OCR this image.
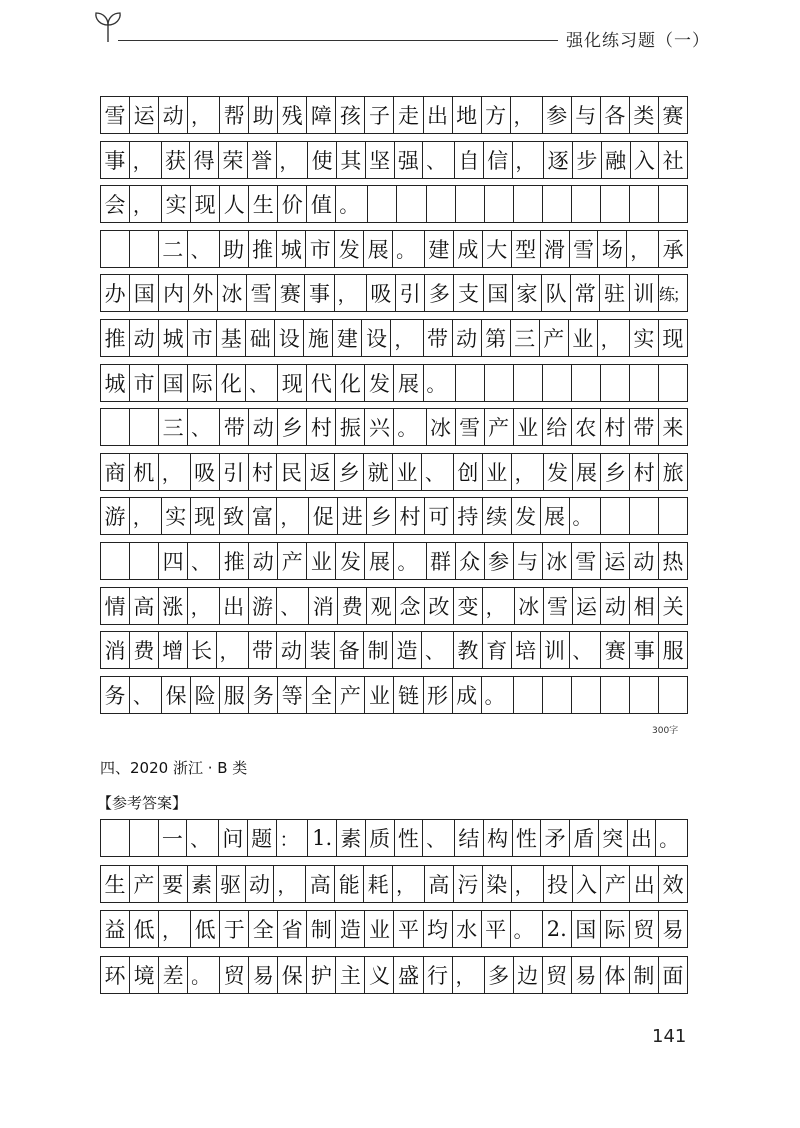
强化练习题（一）
雪 运 动 ， 帮 助 残 障 孩 子 走 出 地 方 ， 参 与 各 类 赛
事 ， 获 得 荣 誉 ， 使 其 坚 强 、 自 信 ， 逐 步 融 入 社
会 ， 实 现 人 生 价 值 。
二 、 助 推 城 市 发 展 。 建 成 大 型 滑 雪 场 ， 承
办 国 内 外 冰 雪 赛 事 ， 吸 引 多 支 国 家 队 常 驻 训 练；
推 动 城 市 基 础 设 施 建 设 ， 带 动 第 三 产 业 ， 实 现
城 市 国 际 化 、 现 代 化 发 展 。
三 、 带 动 乡 村 振 兴 。 冰 雪 产 业 给 农 村 带 来
商 机 ， 吸 引 村 民 返 乡 就 业 、 创 业 ， 发 展 乡 村 旅
游 ， 实 现 致 富 ， 促 进 乡 村 可 持 续 发 展 。
四 、 推 动 产 业 发 展 。 群 众 参 与 冰 雪 运 动 热
情 高 涨 ， 出 游 、 消 费 观 念 改 变 ， 冰 雪 运 动 相 关
消 费 增 长 ， 带 动 装 备 制 造 、 教 育 培 训 、 赛 事 服
务 、 保 险 服 务 等 全 产 业 链 形 成 。
300字
四、2020 浙江 · B 类
【参考答案】
一 、 问 题 ： 1. 素 质 性 、 结 构 性 矛 盾 突 出 。
生 产 要 素 驱 动 ， 高 能 耗 ， 高 污 染 ， 投 入 产 出 效
益 低 ， 低 于 全 省 制 造 业 平 均 水 平 。 2. 国 际 贸 易
环 境 差 。 贸 易 保 护 主 义 盛 行 ， 多 边 贸 易 体 制 面
141
